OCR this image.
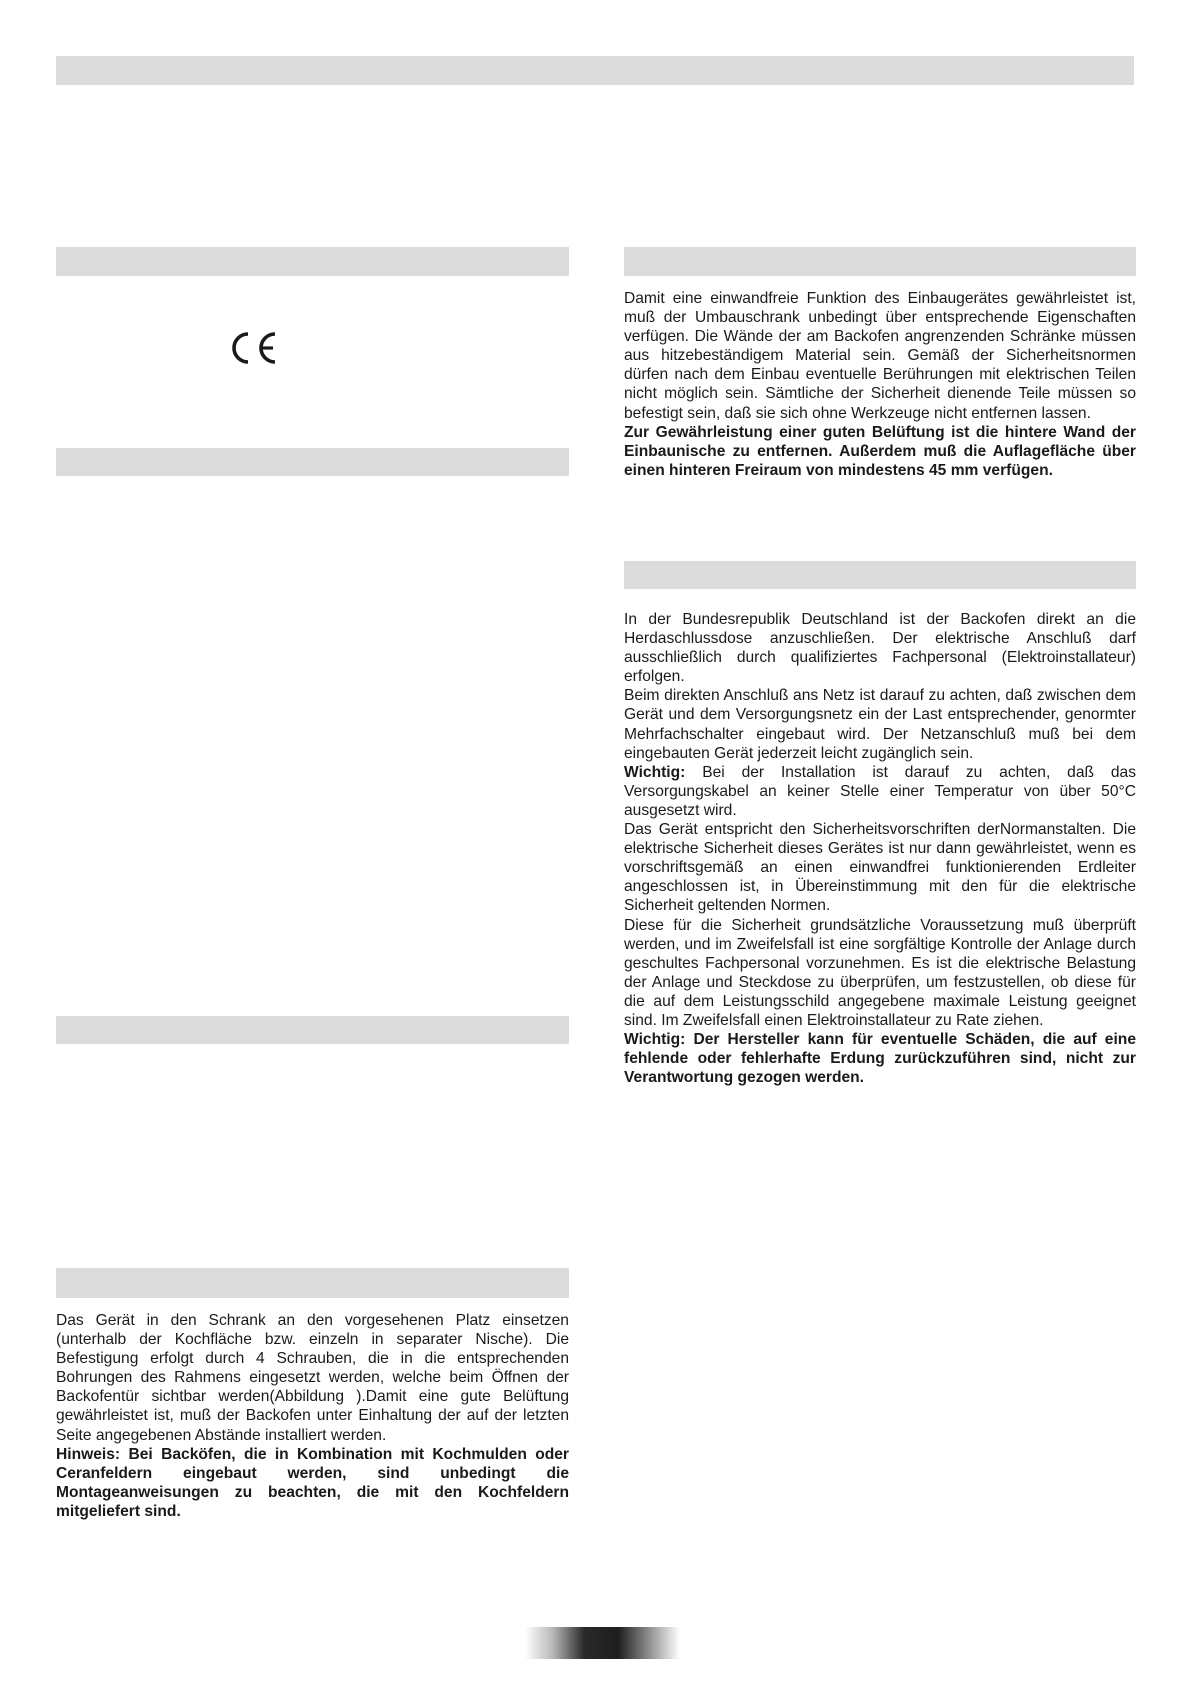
Damit eine einwandfreie Funktion des Einbaugerätes gewährleistet ist, muß der Umbauschrank unbedingt über entsprechende Eigenschaften verfügen. Die Wände der am Backofen angrenzenden Schränke müssen aus hitzebeständigem Material sein. Gemäß der Sicherheitsnormen dürfen nach dem Einbau eventuelle Berührungen mit elektrischen Teilen nicht möglich sein. Sämtliche der Sicherheit dienende Teile müssen so befestigt sein, daß sie sich ohne Werkzeuge nicht entfernen lassen.

Zur Gewährleistung einer guten Belüftung ist die hintere Wand der Einbaunische zu entfernen. Außerdem muß die Auflagefläche über einen hinteren Freiraum von mindestens 45 mm verfügen.

In der Bundesrepublik Deutschland ist der Backofen direkt an die Herdaschlussdose anzuschließen. Der elektrische Anschluß darf ausschließlich durch qualifiziertes Fachpersonal (Elektroinstallateur) erfolgen.

Beim direkten Anschluß ans Netz ist darauf zu achten, daß zwischen dem Gerät und dem Versorgungsnetz ein der Last entsprechender, genormter Mehrfachschalter eingebaut wird. Der Netzanschluß muß bei dem eingebauten Gerät jederzeit leicht zugänglich sein.

Wichtig: Bei der Installation ist darauf zu achten, daß das Versorgungskabel an keiner Stelle einer Temperatur von über 50°C ausgesetzt wird.

Das Gerät entspricht den Sicherheitsvorschriften derNormanstalten. Die elektrische Sicherheit dieses Gerätes ist nur dann gewährleistet, wenn es vorschriftsgemäß an einen einwandfrei funktionierenden Erdleiter angeschlossen ist, in Übereinstimmung mit den für die elektrische Sicherheit geltenden Normen.

Diese für die Sicherheit grundsätzliche Voraussetzung muß überprüft werden, und im Zweifelsfall ist eine sorgfältige Kontrolle der Anlage durch geschultes Fachpersonal vorzunehmen. Es ist die elektrische Belastung der Anlage und Steckdose zu überprüfen, um festzustellen, ob diese für die auf dem Leistungsschild angegebene maximale Leistung geeignet sind. Im Zweifelsfall einen Elektroinstallateur zu Rate ziehen.

Wichtig: Der Hersteller kann für eventuelle Schäden, die auf eine fehlende oder fehlerhafte Erdung zurückzuführen sind, nicht zur Verantwortung gezogen werden.

Das Gerät in den Schrank an den vorgesehenen Platz einsetzen (unterhalb der Kochfläche bzw. einzeln in separater Nische). Die Befestigung erfolgt durch 4 Schrauben, die in die entsprechenden Bohrungen des Rahmens eingesetzt werden, welche beim Öffnen der Backofentür sichtbar werden(Abbildung ).Damit eine gute Belüftung gewährleistet ist, muß der Backofen unter Einhaltung der auf der letzten Seite angegebenen Abstände installiert werden.

Hinweis: Bei Backöfen, die in Kombination mit Kochmulden oder Ceranfeldern eingebaut werden, sind unbedingt die Montageanweisungen zu beachten, die mit den Kochfeldern mitgeliefert sind.
